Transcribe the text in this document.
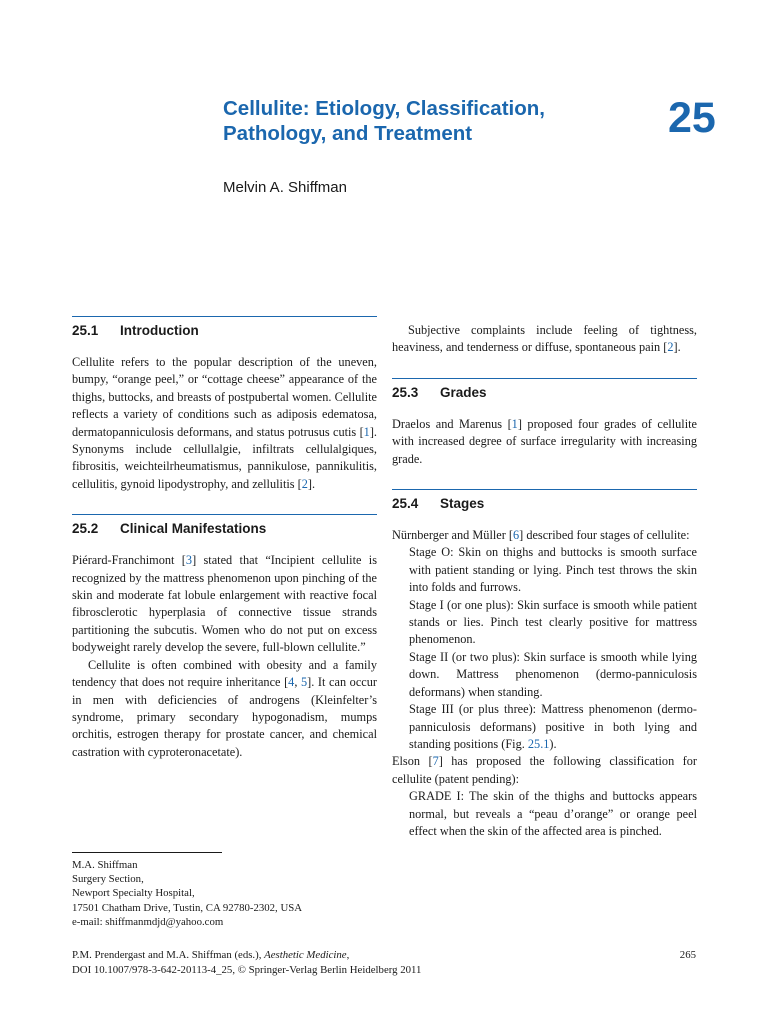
Cellulite: Etiology, Classification,
Pathology, and Treatment	25
Melvin A. Shiffman
25.1 Introduction

Cellulite refers to the popular description of the uneven, bumpy, “orange peel,” or “cottage cheese” appearance of the thighs, buttocks, and breasts of postpubertal women. Cellulite reflects a variety of conditions such as adiposis edematosa, dermatopanniculosis deformans, and status potrusus cutis [1]. Synonyms include cellullalgie, infiltrats cellulalgiques, fibrositis, weichteilrheumatismus, pannikulose, pannikulitis, cellulitis, gynoid lipodystrophy, and zellulitis [2].

25.2 Clinical Manifestations

Piérard-Franchimont [3] stated that “Incipient cellulite is recognized by the mattress phenomenon upon pinching of the skin and moderate fat lobule enlargement with reactive focal fibrosclerotic hyperplasia of connective tissue strands partitioning the subcutis. Women who do not put on excess bodyweight rarely develop the severe, full-blown cellulite.”

Cellulite is often combined with obesity and a family tendency that does not require inheritance [4, 5]. It can occur in men with deficiencies of androgens (Kleinfelter’s syndrome, primary secondary hypogonadism, mumps orchitis, estrogen therapy for prostate cancer, and chemical castration with cyproteronacetate).

Subjective complaints include feeling of tightness, heaviness, and tenderness or diffuse, spontaneous pain [2].

25.3 Grades

Draelos and Marenus [1] proposed four grades of cellulite with increased degree of surface irregularity with increasing grade.

25.4 Stages

Nürnberger and Müller [6] described four stages of cellulite:

Stage O: Skin on thighs and buttocks is smooth surface with patient standing or lying. Pinch test throws the skin into folds and furrows.

Stage I (or one plus): Skin surface is smooth while patient stands or lies. Pinch test clearly positive for mattress phenomenon.

Stage II (or two plus): Skin surface is smooth while lying down. Mattress phenomenon (dermo-panniculosis deformans) when standing.

Stage III (or plus three): Mattress phenomenon (dermo-panniculosis deformans) positive in both lying and standing positions (Fig. 25.1).

Elson [7] has proposed the following classification for cellulite (patent pending):

GRADE I: The skin of the thighs and buttocks appears normal, but reveals a “peau d’orange” or orange peel effect when the skin of the affected area is pinched.

M.A. Shiffman
Surgery Section,
Newport Specialty Hospital,
17501 Chatham Drive, Tustin, CA 92780-2302, USA
e-mail: shiffmanmdjd@yahoo.com
P.M. Prendergast and M.A. Shiffman (eds.), Aesthetic Medicine,
DOI 10.1007/978-3-642-20113-4_25, © Springer-Verlag Berlin Heidelberg 2011
265
